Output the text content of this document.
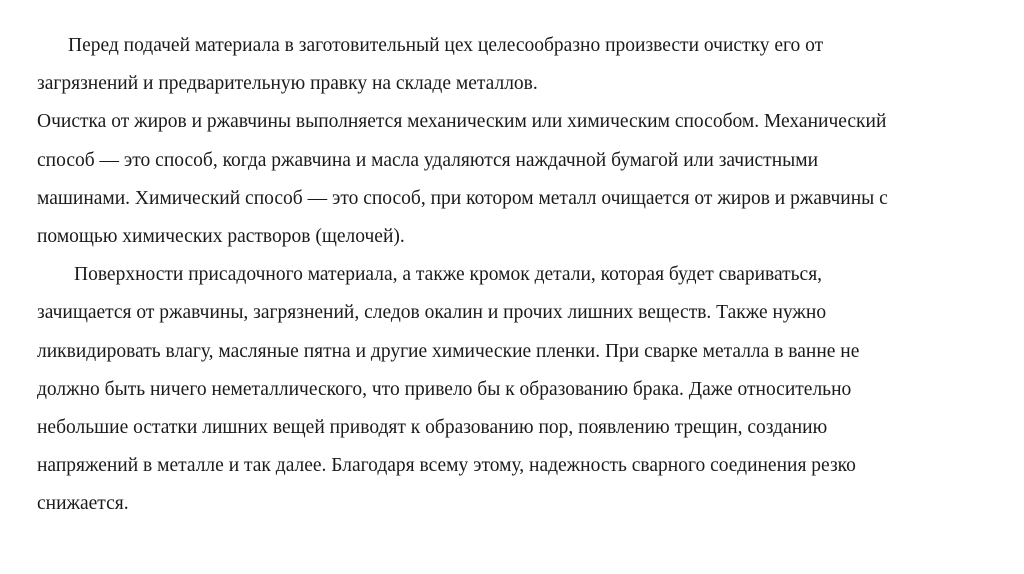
Перед подачей материала в заготовительный цех целесообразно произвести очистку его от
загрязнений и предварительную правку на складе металлов.
Очистка от жиров и ржавчины выполняется механическим или химическим способом. Механический
способ — это способ, когда ржавчина и масла удаляются наждачной бумагой или зачистными
машинами. Химический способ — это способ, при котором металл очищается от жиров и ржавчины с
помощью химических растворов (щелочей).
Поверхности присадочного материала, а также кромок детали, которая будет свариваться,
зачищается от ржавчины, загрязнений, следов окалин и прочих лишних веществ. Также нужно
ликвидировать влагу, масляные пятна и другие химические пленки. При сварке металла в ванне не
должно быть ничего неметаллического, что привело бы к образованию брака. Даже относительно
небольшие остатки лишних вещей приводят к образованию пор, появлению трещин, созданию
напряжений в металле и так далее. Благодаря всему этому, надежность сварного соединения резко
снижается.
